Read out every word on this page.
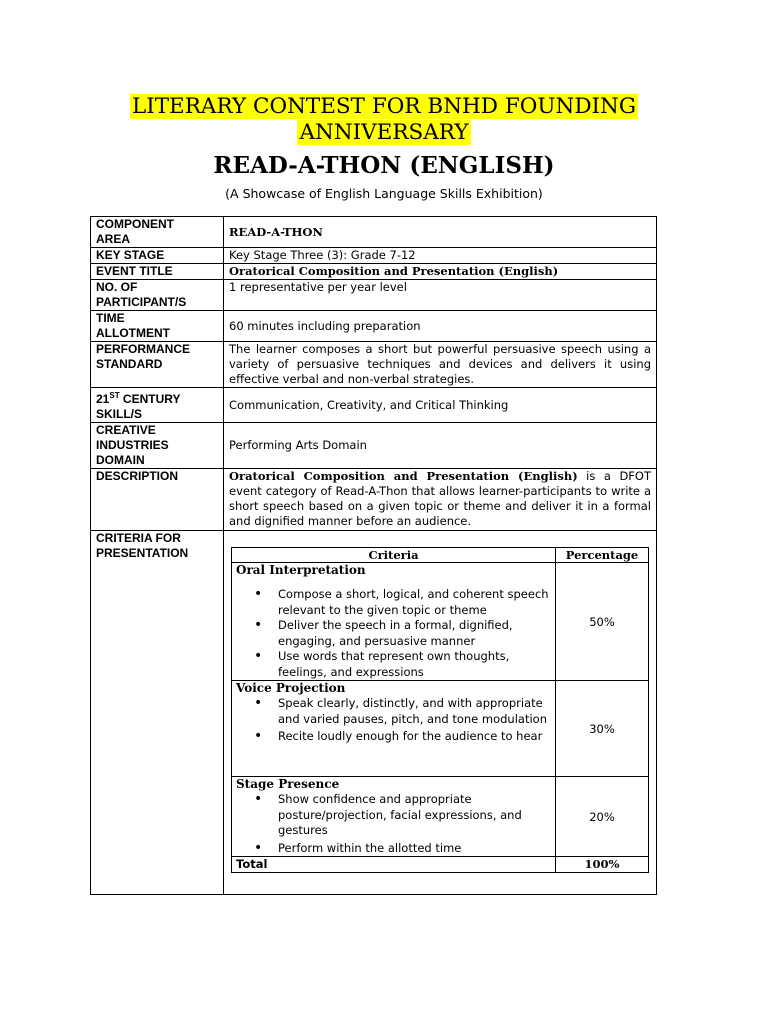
LITERARY CONTEST FOR BNHD FOUNDING
ANNIVERSARY
READ-A-THON (ENGLISH)
(A Showcase of English Language Skills Exhibition)
COMPONENT
AREA	READ-A-THON
KEY STAGE	Key Stage Three (3): Grade 7-12
EVENT TITLE	Oratorical Composition and Presentation (English)
NO. OF
PARTICIPANT/S	1 representative per year level
TIME
ALLOTMENT	60 minutes including preparation
PERFORMANCE
STANDARD	The learner composes a short but powerful persuasive speech using a variety of persuasive techniques and devices and delivers it using effective verbal and non-verbal strategies.
21ST CENTURY
SKILL/S	Communication, Creativity, and Critical Thinking
CREATIVE
INDUSTRIES
DOMAIN	Performing Arts Domain
DESCRIPTION	Oratorical Composition and Presentation (English) is a DFOT event category of Read-A-Thon that allows learner-participants to write a short speech based on a given topic or theme and deliver it in a formal and dignified manner before an audience.
CRITERIA FOR
PRESENTATION		Criteria	Percentage

Oral Interpretation
• Compose a short, logical, and coherent speech relevant to the given topic or theme
• Deliver the speech in a formal, dignified, engaging, and persuasive manner
• Use words that represent own thoughts, feelings, and expressions
	50%

Voice Projection
• Speak clearly, distinctly, and with appropriate and varied pauses, pitch, and tone modulation
• Recite loudly enough for the audience to hear
	30%

Stage Presence
• Show confidence and appropriate posture/projection, facial expressions, and gestures
• Perform within the allotted time
	20%
Total	100%
